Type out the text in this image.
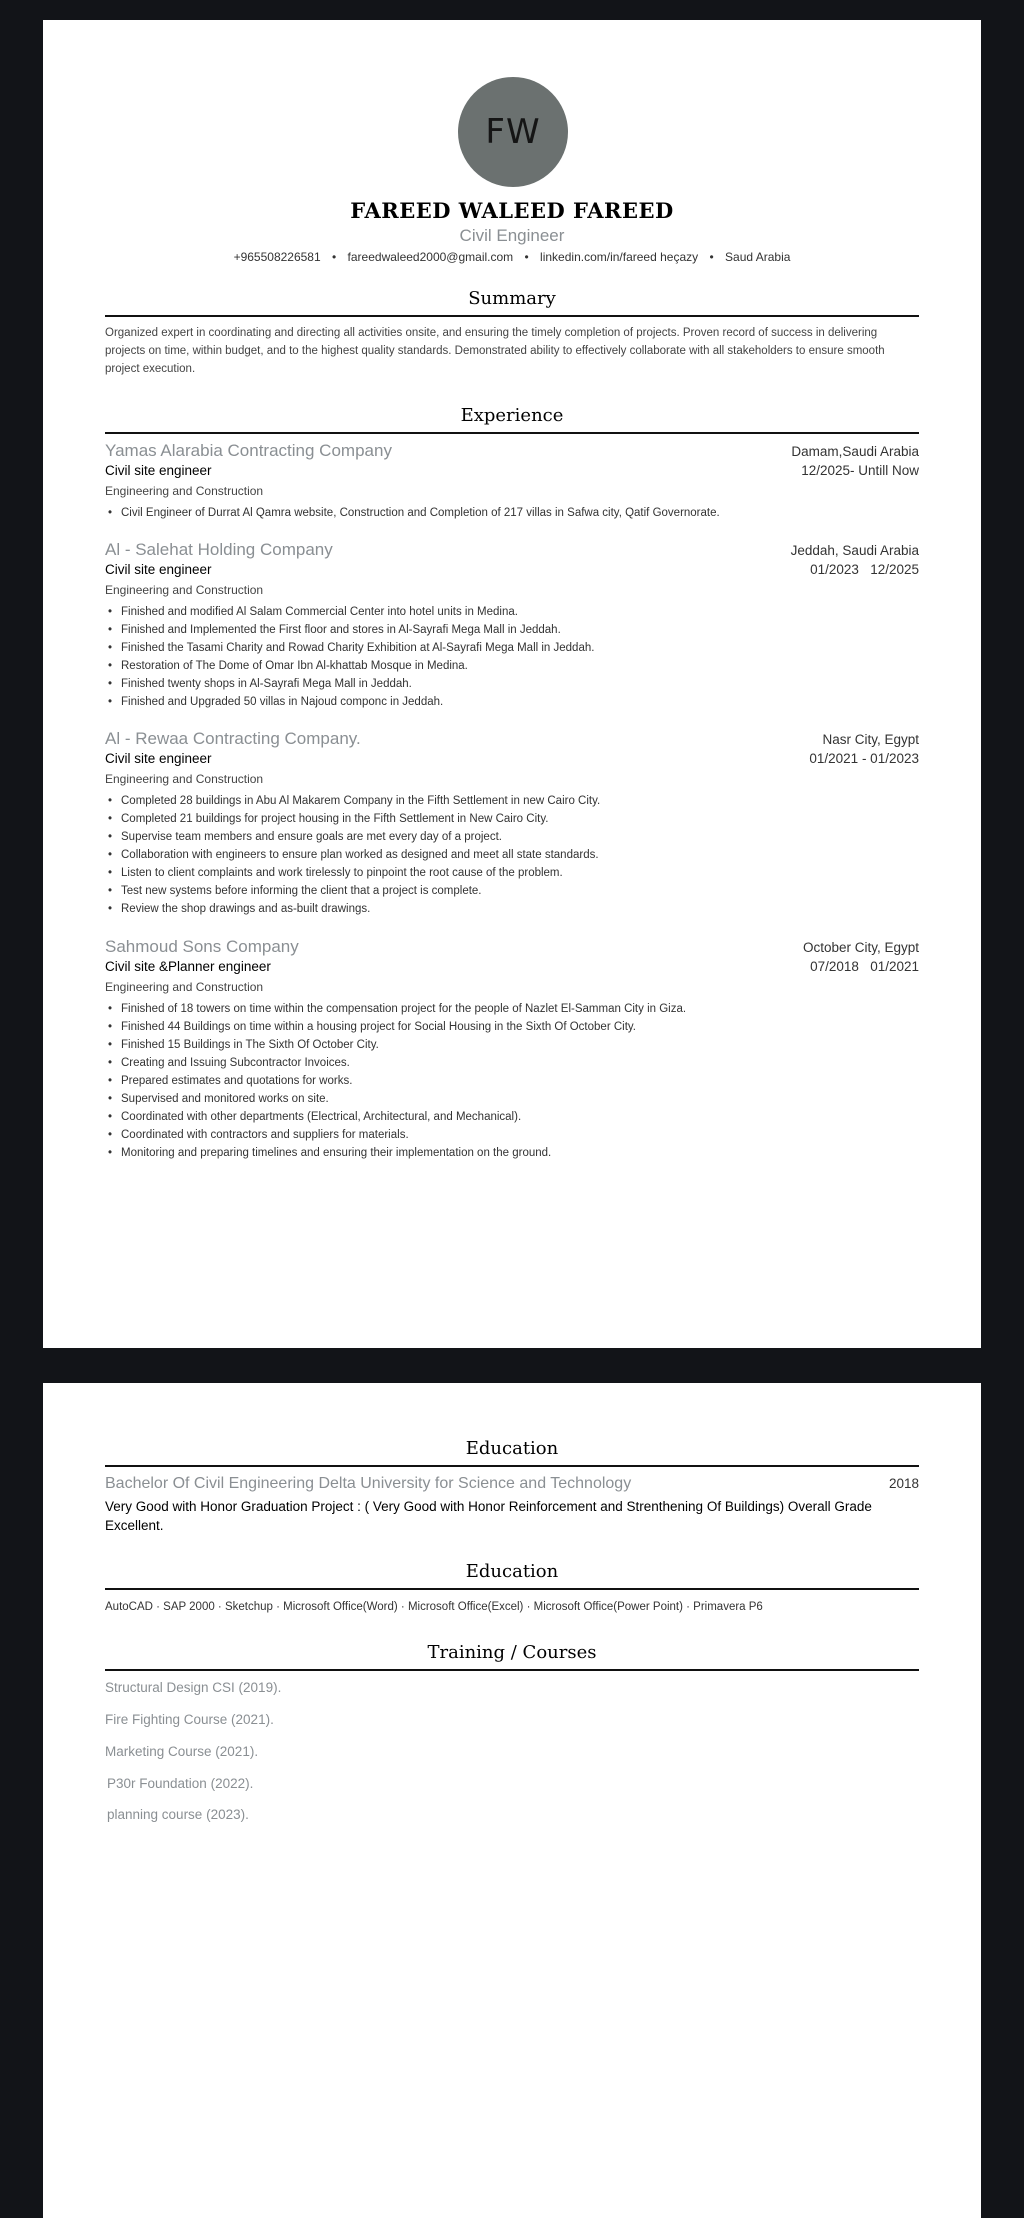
FW
FAREED WALEED FAREED
Civil Engineer
+965508226581 • fareedwaleed2000@gmail.com • linkedin.com/in/fareed heçazy • Saud Arabia
Summary
Organized expert in coordinating and directing all activities onsite, and ensuring the timely completion of projects. Proven record of success in delivering projects on time, within budget, and to the highest quality standards. Demonstrated ability to effectively collaborate with all stakeholders to ensure smooth project execution.
Experience
Yamas Alarabia Contracting Company	Damam,Saudi Arabia
Civil site engineer	12/2025- Untill Now
Engineering and Construction
• Civil Engineer of Durrat Al Qamra website, Construction and Completion of 217 villas in Safwa city, Qatif Governorate.
Al - Salehat Holding Company	Jeddah, Saudi Arabia
Civil site engineer	01/2023   12/2025
Engineering and Construction
• Finished and modified Al Salam Commercial Center into hotel units in Medina.
• Finished and Implemented the First floor and stores in Al-Sayrafi Mega Mall in Jeddah.
• Finished the Tasami Charity and Rowad Charity Exhibition at Al-Sayrafi Mega Mall in Jeddah.
• Restoration of The Dome of Omar Ibn Al-khattab Mosque in Medina.
• Finished twenty shops in Al-Sayrafi Mega Mall in Jeddah.
• Finished and Upgraded 50 villas in Najoud componc in Jeddah.
Al - Rewaa Contracting Company.	Nasr City, Egypt
Civil site engineer	01/2021 - 01/2023
Engineering and Construction
• Completed 28 buildings in Abu Al Makarem Company in the Fifth Settlement in new Cairo City.
• Completed 21 buildings for project housing in the Fifth Settlement in New Cairo City.
• Supervise team members and ensure goals are met every day of a project.
• Collaboration with engineers to ensure plan worked as designed and meet all state standards.
• Listen to client complaints and work tirelessly to pinpoint the root cause of the problem.
• Test new systems before informing the client that a project is complete.
• Review the shop drawings and as-built drawings.
Sahmoud Sons Company	October City, Egypt
Civil site &Planner engineer	07/2018   01/2021
Engineering and Construction
• Finished of 18 towers on time within the compensation project for the people of Nazlet El-Samman City in Giza.
• Finished 44 Buildings on time within a housing project for Social Housing in the Sixth Of October City.
• Finished 15 Buildings in The Sixth Of October City.
• Creating and Issuing Subcontractor Invoices.
• Prepared estimates and quotations for works.
• Supervised and monitored works on site.
• Coordinated with other departments (Electrical, Architectural, and Mechanical).
• Coordinated with contractors and suppliers for materials.
• Monitoring and preparing timelines and ensuring their implementation on the ground.
Education
Bachelor Of Civil Engineering Delta University for Science and Technology	2018
Very Good with Honor Graduation Project : ( Very Good with Honor Reinforcement and Strenthening Of Buildings) Overall Grade Excellent.
Education
AutoCAD · SAP 2000 · Sketchup · Microsoft Office(Word) · Microsoft Office(Excel) · Microsoft Office(Power Point) · Primavera P6
Training / Courses
Structural Design CSI (2019).
Fire Fighting Course (2021).
Marketing Course (2021).
P30r Foundation (2022).
planning course (2023).
